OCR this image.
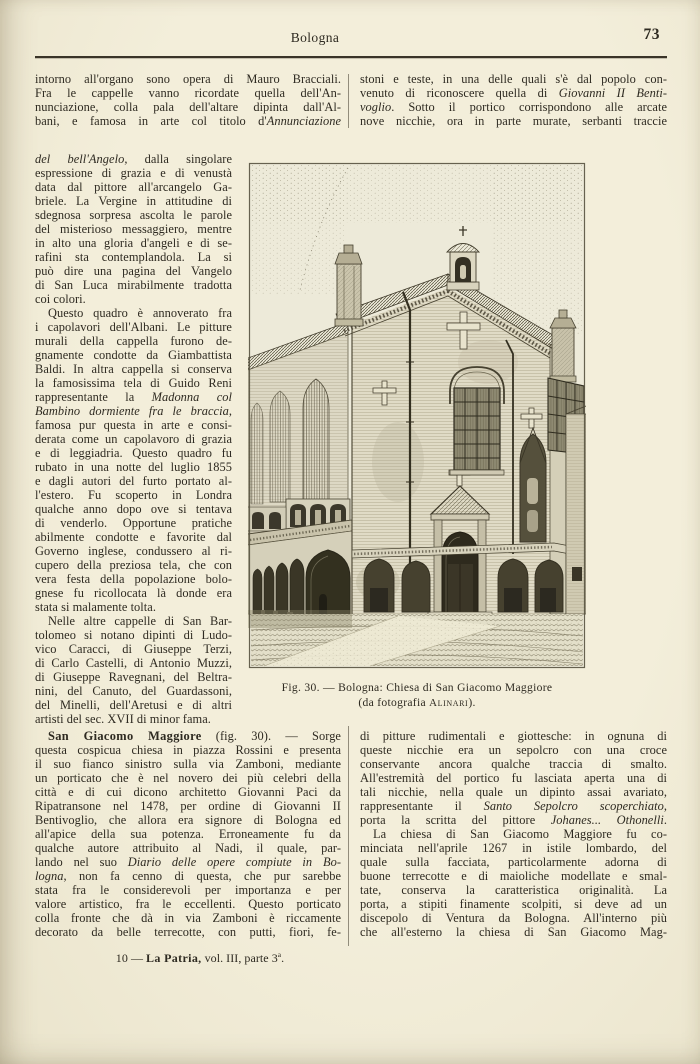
Bologna	73
intorno all'organo sono opera di Mauro Bracciali.
Fra le cappelle vanno ricordate quella dell'An-
nunciazione, colla pala dell'altare dipinta dall'Al-
bani, e famosa in arte col titolo d'Annunciazione
del bell'Angelo, dalla singolare
espressione di grazia e di venustà
data dal pittore all'arcangelo Ga-
briele. La Vergine in attitudine di
sdegnosa sorpresa ascolta le parole
del misterioso messaggiero, mentre
in alto una gloria d'angeli e di se-
rafini sta contemplandola. La si
può dire una pagina del Vangelo
di San Luca mirabilmente tradotta
coi colori.
Questo quadro è annoverato fra
i capolavori dell'Albani. Le pitture
murali della cappella furono de-
gnamente condotte da Giambattista
Baldi. In altra cappella si conserva
la famosissima tela di Guido Reni
rappresentante la Madonna col
Bambino dormiente fra le braccia,
famosa pur questa in arte e consi-
derata come un capolavoro di grazia
e di leggiadria. Questo quadro fu
rubato in una notte del luglio 1855
e dagli autori del furto portato al-
l'estero. Fu scoperto in Londra
qualche anno dopo ove si tentava
di venderlo. Opportune pratiche
abilmente condotte e favorite dal
Governo inglese, condussero al ri-
cupero della preziosa tela, che con
vera festa della popolazione bolo-
gnese fu ricollocata là donde era
stata si malamente tolta.
Nelle altre cappelle di San Bar-
tolomeo si notano dipinti di Ludo-
vico Caracci, di Giuseppe Terzi,
di Carlo Castelli, di Antonio Muzzi,
di Giuseppe Ravegnani, del Beltra-
nini, del Canuto, del Guardassoni,
del Minelli, dell'Aretusi e di altri
artisti del sec. XVII di minor fama.
stoni e teste, in una delle quali s'è dal popolo con-
venuto di riconoscere quella di Giovanni II Benti-
voglio. Sotto il portico corrispondono alle arcate
nove nicchie, ora in parte murate, serbanti traccie
San Giacomo Maggiore (fig. 30). — Sorge
questa cospicua chiesa in piazza Rossini e presenta
il suo fianco sinistro sulla via Zamboni, mediante
un porticato che è nel novero dei più celebri della
città e di cui dicono architetto Giovanni Paci da
Ripatransone nel 1478, per ordine di Giovanni II
Bentivoglio, che allora era signore di Bologna ed
all'apice della sua potenza. Erroneamente fu da
qualche autore attribuito al Nadi, il quale, par-
lando nel suo Diario delle opere compiute in Bo-
logna, non fa cenno di questa, che pur sarebbe
stata fra le considerevoli per importanza e per
valore artistico, fra le eccellenti. Questo porticato
colla fronte che dà in via Zamboni è riccamente
decorato da belle terrecotte, con putti, fiori, fe-
di pitture rudimentali e giottesche: in ognuna di
queste nicchie era un sepolcro con una croce
conservante ancora qualche traccia di smalto.
All'estremità del portico fu lasciata aperta una di
tali nicchie, nella quale un dipinto assai avariato,
rappresentante il Santo Sepolcro scoperchiato,
porta la scritta del pittore Johanes... Othonelli.
La chiesa di San Giacomo Maggiore fu co-
minciata nell'aprile 1267 in istile lombardo, del
quale sulla facciata, particolarmente adorna di
buone terrecotte e di maioliche modellate e smal-
tate, conserva la caratteristica originalità. La
porta, a stipiti finamente scolpiti, si deve ad un
discepolo di Ventura da Bologna. All'interno più
che all'esterno la chiesa di San Giacomo Mag-
Fig. 30. — Bologna: Chiesa di San Giacomo Maggiore
(da fotografia Alinari).
10 — La Patria, vol. III, parte 3$^a$.
